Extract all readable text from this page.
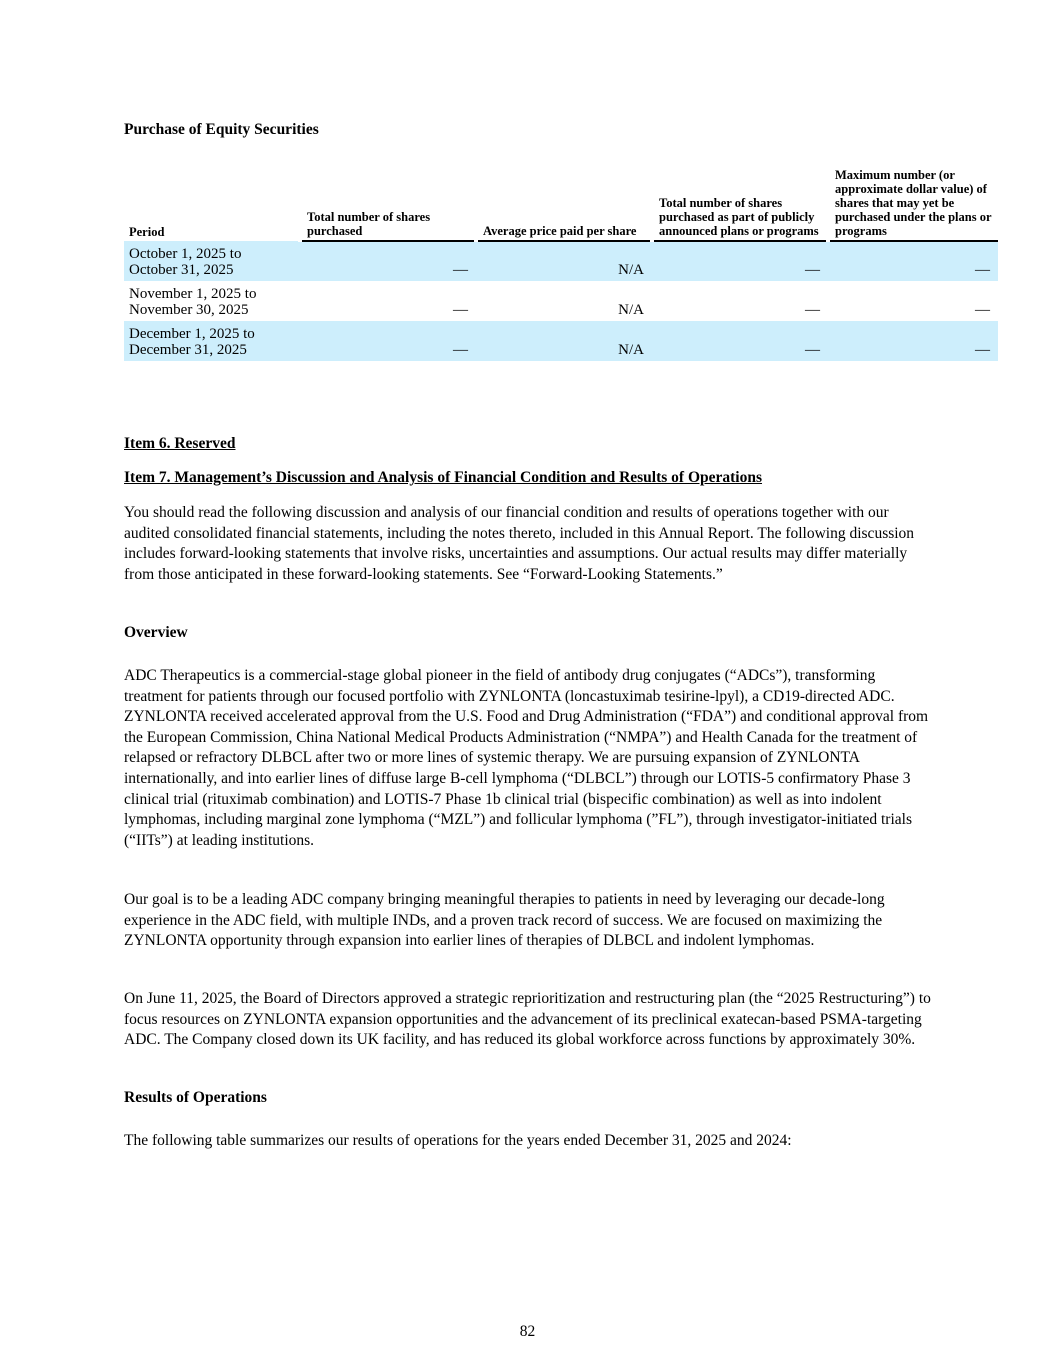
Purchase of Equity Securities
Period	Total number of shares purchased	Average price paid per share	Total number of shares purchased as part of publicly announced plans or programs	Maximum number (or approximate dollar value) of shares that may yet be purchased under the plans or programs
October 1, 2025 to
October 31, 2025	—	N/A	—	—
November 1, 2025 to
November 30, 2025	—	N/A	—	—
December 1, 2025 to
December 31, 2025	—	N/A	—	—
Item 6. Reserved
Item 7. Management’s Discussion and Analysis of Financial Condition and Results of Operations

You should read the following discussion and analysis of our financial condition and results of operations together with our audited consolidated financial statements, including the notes thereto, included in this Annual Report. The following discussion includes forward-looking statements that involve risks, uncertainties and assumptions. Our actual results may differ materially from those anticipated in these forward-looking statements. See “Forward-Looking Statements.”

Overview

ADC Therapeutics is a commercial-stage global pioneer in the field of antibody drug conjugates (“ADCs”), transforming treatment for patients through our focused portfolio with ZYNLONTA (loncastuximab tesirine-lpyl), a CD19-directed ADC. ZYNLONTA received accelerated approval from the U.S. Food and Drug Administration (“FDA”) and conditional approval from the European Commission, China National Medical Products Administration (“NMPA”) and Health Canada for the treatment of relapsed or refractory DLBCL after two or more lines of systemic therapy. We are pursuing expansion of ZYNLONTA internationally, and into earlier lines of diffuse large B-cell lymphoma (“DLBCL”) through our LOTIS-5 confirmatory Phase 3 clinical trial (rituximab combination) and LOTIS-7 Phase 1b clinical trial (bispecific combination) as well as into indolent lymphomas, including marginal zone lymphoma (“MZL”) and follicular lymphoma (”FL”), through investigator-initiated trials (“IITs”) at leading institutions.

Our goal is to be a leading ADC company bringing meaningful therapies to patients in need by leveraging our decade-long experience in the ADC field, with multiple INDs, and a proven track record of success. We are focused on maximizing the ZYNLONTA opportunity through expansion into earlier lines of therapies of DLBCL and indolent lymphomas.

On June 11, 2025, the Board of Directors approved a strategic reprioritization and restructuring plan (the “2025 Restructuring”) to focus resources on ZYNLONTA expansion opportunities and the advancement of its preclinical exatecan-based PSMA-targeting ADC. The Company closed down its UK facility, and has reduced its global workforce across functions by approximately 30%.

Results of Operations

The following table summarizes our results of operations for the years ended December 31, 2025 and 2024:

82
